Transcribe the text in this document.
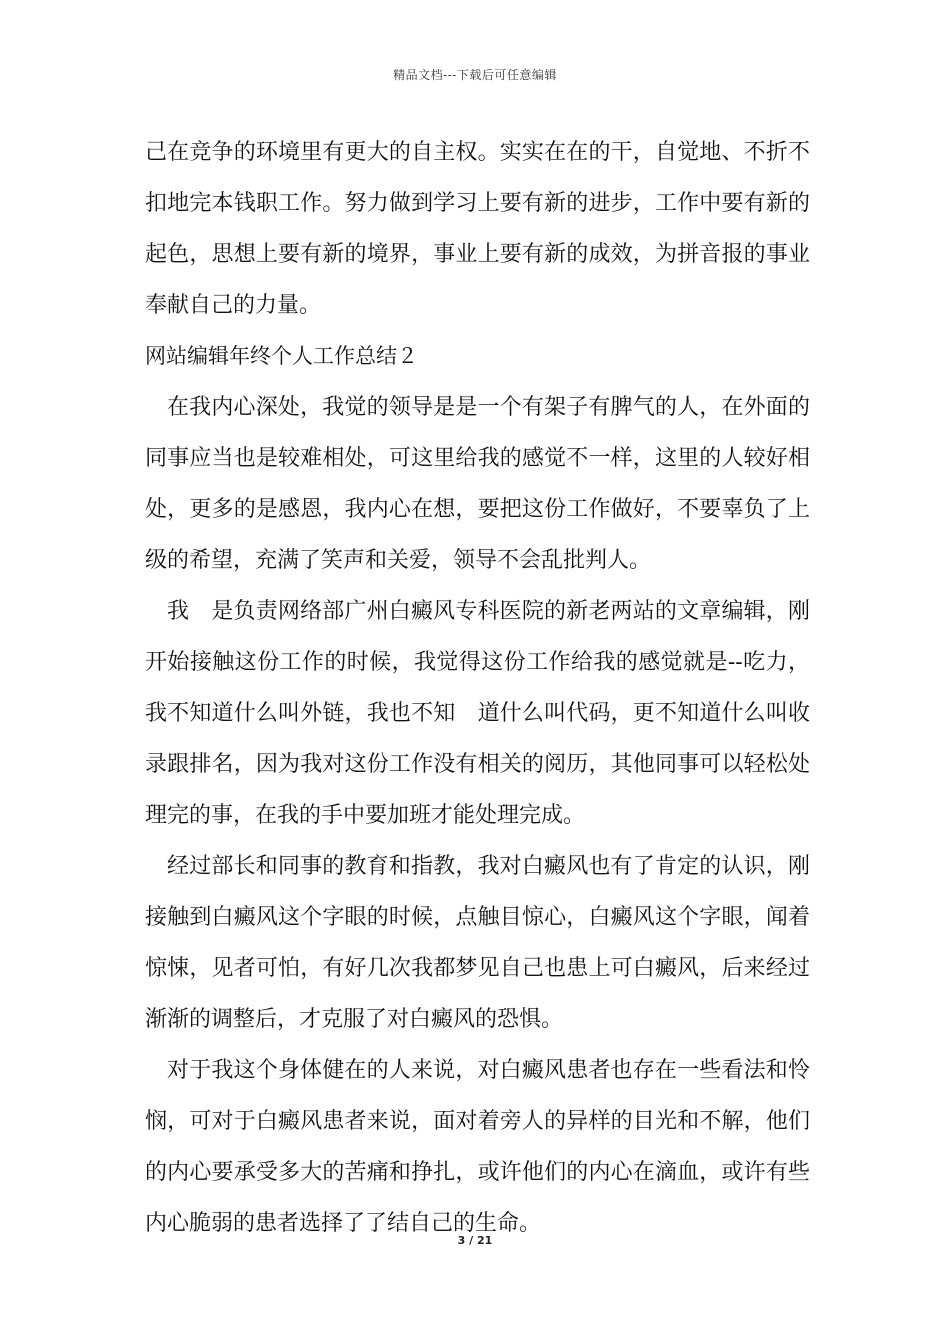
精品文档---下载后可任意编辑

己在竞争的环境里有更大的自主权。实实在在的干，自觉地、不折不扣地完本钱职工作。努力做到学习上要有新的进步，工作中要有新的起色，思想上要有新的境界，事业上要有新的成效，为拼音报的事业奉献自己的力量。

网站编辑年终个人工作总结２

在我内心深处，我觉的领导是是一个有架子有脾气的人，在外面的同事应当也是较难相处，可这里给我的感觉不一样，这里的人较好相处，更多的是感恩，我内心在想，要把这份工作做好，不要辜负了上级的希望，充满了笑声和关爱，领导不会乱批判人。

我　是负责网络部广州白癜风专科医院的新老两站的文章编辑，刚开始接触这份工作的时候，我觉得这份工作给我的感觉就是--吃力，我不知道什么叫外链，我也不知　道什么叫代码，更不知道什么叫收录跟排名，因为我对这份工作没有相关的阅历，其他同事可以轻松处理完的事，在我的手中要加班才能处理完成。

经过部长和同事的教育和指教，我对白癜风也有了肯定的认识，刚接触到白癜风这个字眼的时候，点触目惊心，白癜风这个字眼，闻着惊悚，见者可怕，有好几次我都梦见自己也患上可白癜风，后来经过渐渐的调整后，才克服了对白癜风的恐惧。

对于我这个身体健在的人来说，对白癜风患者也存在一些看法和怜悯，可对于白癜风患者来说，面对着旁人的异样的目光和不解，他们的内心要承受多大的苦痛和挣扎，或许他们的内心在滴血，或许有些内心脆弱的患者选择了了结自己的生命。

3 / 21
